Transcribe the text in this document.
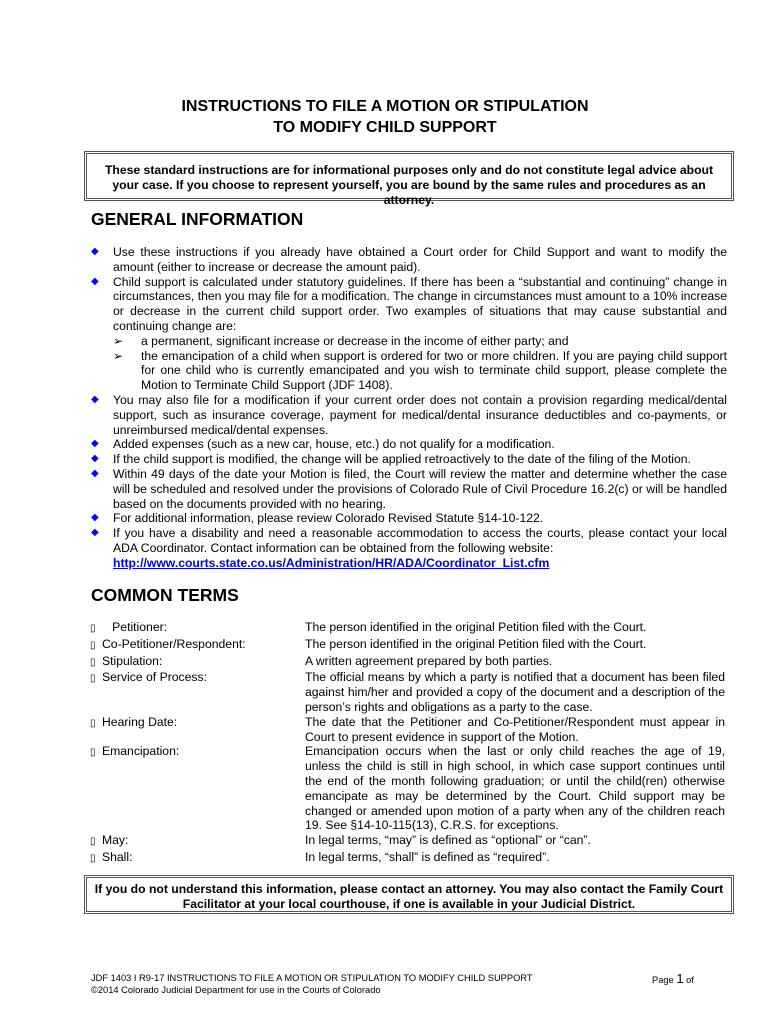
INSTRUCTIONS TO FILE A MOTION OR STIPULATION
TO MODIFY CHILD SUPPORT
These standard instructions are for informational purposes only and do not constitute legal advice about your case. If you choose to represent yourself, you are bound by the same rules and procedures as an attorney.
GENERAL INFORMATION
◆ Use these instructions if you already have obtained a Court order for Child Support and want to modify the amount (either to increase or decrease the amount paid).
◆ Child support is calculated under statutory guidelines. If there has been a “substantial and continuing” change in circumstances, then you may file for a modification. The change in circumstances must amount to a 10% increase or decrease in the current child support order. Two examples of situations that may cause substantial and continuing change are:
➢ a permanent, significant increase or decrease in the income of either party; and
➢ the emancipation of a child when support is ordered for two or more children. If you are paying child support for one child who is currently emancipated and you wish to terminate child support, please complete the Motion to Terminate Child Support (JDF 1408).
◆ You may also file for a modification if your current order does not contain a provision regarding medical/dental support, such as insurance coverage, payment for medical/dental insurance deductibles and co-payments, or unreimbursed medical/dental expenses.
◆ Added expenses (such as a new car, house, etc.) do not qualify for a modification.
◆ If the child support is modified, the change will be applied retroactively to the date of the filing of the Motion.
◆ Within 49 days of the date your Motion is filed, the Court will review the matter and determine whether the case will be scheduled and resolved under the provisions of Colorado Rule of Civil Procedure 16.2(c) or will be handled based on the documents provided with no hearing.
◆ For additional information, please review Colorado Revised Statute §14-10-122.
◆ If you have a disability and need a reasonable accommodation to access the courts, please contact your local ADA Coordinator. Contact information can be obtained from the following website:
http://www.courts.state.co.us/Administration/HR/ADA/Coordinator_List.cfm
COMMON TERMS
▯ Petitioner:	The person identified in the original Petition filed with the Court.
▯ Co-Petitioner/Respondent:	The person identified in the original Petition filed with the Court.
▯ Stipulation:	A written agreement prepared by both parties.
▯ Service of Process:	The official means by which a party is notified that a document has been filed against him/her and provided a copy of the document and a description of the person’s rights and obligations as a party to the case.
▯ Hearing Date:	The date that the Petitioner and Co-Petitioner/Respondent must appear in Court to present evidence in support of the Motion.
▯ Emancipation:	Emancipation occurs when the last or only child reaches the age of 19, unless the child is still in high school, in which case support continues until the end of the month following graduation; or until the child(ren) otherwise emancipate as may be determined by the Court. Child support may be changed or amended upon motion of a party when any of the children reach 19. See §14-10-115(13), C.R.S. for exceptions.
▯ May:	In legal terms, “may” is defined as “optional” or “can”.
▯ Shall:	In legal terms, “shall” is defined as “required”.
If you do not understand this information, please contact an attorney. You may also contact the Family Court Facilitator at your local courthouse, if one is available in your Judicial District.
JDF 1403 I R9-17 INSTRUCTIONS TO FILE A MOTION OR STIPULATION TO MODIFY CHILD SUPPORT
©2014 Colorado Judicial Department for use in the Courts of Colorado
Page 1 of
